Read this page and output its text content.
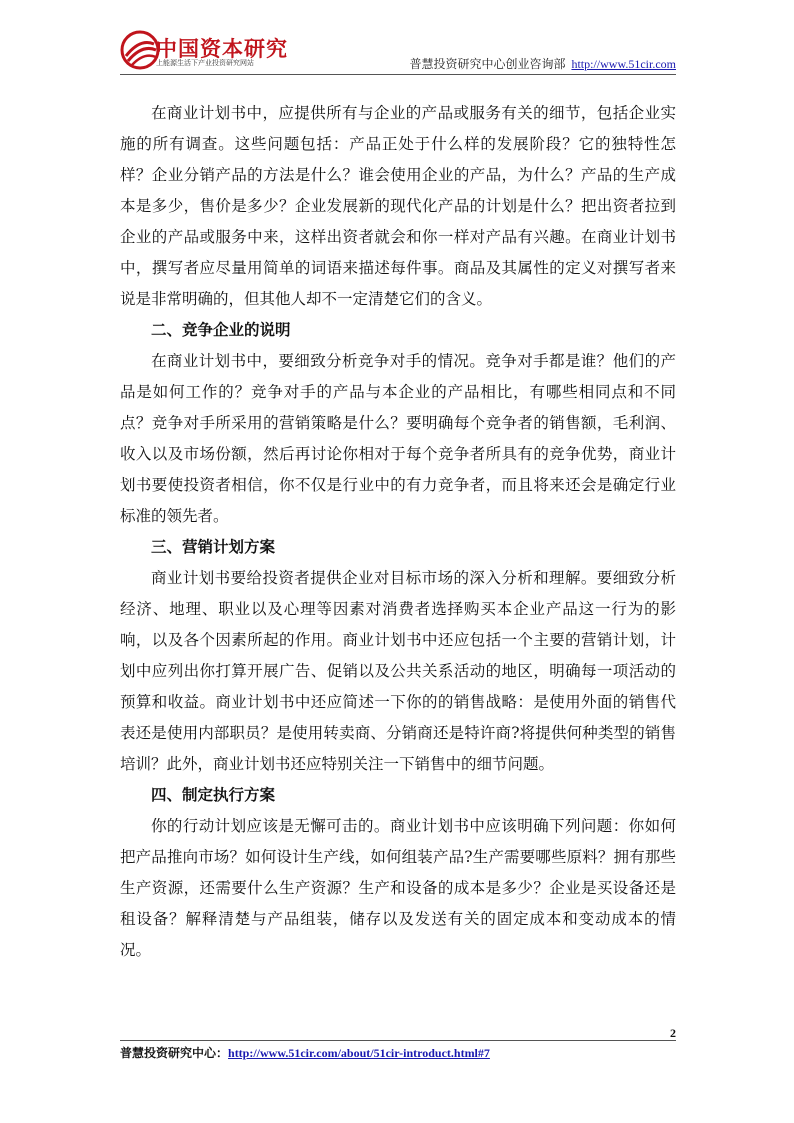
中国资本研究
上能源生活下产业投资研究网站	普慧投资研究中心创业咨询部 http://www.51cir.com

在商业计划书中，应提供所有与企业的产品或服务有关的细节，包括企业实施的所有调查。这些问题包括：产品正处于什么样的发展阶段？它的独特性怎样？企业分销产品的方法是什么？谁会使用企业的产品，为什么？产品的生产成本是多少，售价是多少？企业发展新的现代化产品的计划是什么？把出资者拉到企业的产品或服务中来，这样出资者就会和你一样对产品有兴趣。在商业计划书中，撰写者应尽量用简单的词语来描述每件事。商品及其属性的定义对撰写者来说是非常明确的，但其他人却不一定清楚它们的含义。

二、竞争企业的说明

在商业计划书中，要细致分析竞争对手的情况。竞争对手都是谁？他们的产品是如何工作的？竞争对手的产品与本企业的产品相比，有哪些相同点和不同点？竞争对手所采用的营销策略是什么？要明确每个竞争者的销售额，毛利润、收入以及市场份额，然后再讨论你相对于每个竞争者所具有的竞争优势，商业计划书要使投资者相信，你不仅是行业中的有力竞争者，而且将来还会是确定行业标准的领先者。

三、营销计划方案

商业计划书要给投资者提供企业对目标市场的深入分析和理解。要细致分析经济、地理、职业以及心理等因素对消费者选择购买本企业产品这一行为的影响，以及各个因素所起的作用。商业计划书中还应包括一个主要的营销计划，计划中应列出你打算开展广告、促销以及公共关系活动的地区，明确每一项活动的预算和收益。商业计划书中还应简述一下你的的销售战略：是使用外面的销售代表还是使用内部职员？是使用转卖商、分销商还是特许商?将提供何种类型的销售培训？此外，商业计划书还应特别关注一下销售中的细节问题。

四、制定执行方案

你的行动计划应该是无懈可击的。商业计划书中应该明确下列问题：你如何把产品推向市场？如何设计生产线，如何组装产品?生产需要哪些原料？拥有那些生产资源，还需要什么生产资源？生产和设备的成本是多少？企业是买设备还是租设备？解释清楚与产品组装，储存以及发送有关的固定成本和变动成本的情况。

2
普慧投资研究中心：http://www.51cir.com/about/51cir-introduct.html#7
